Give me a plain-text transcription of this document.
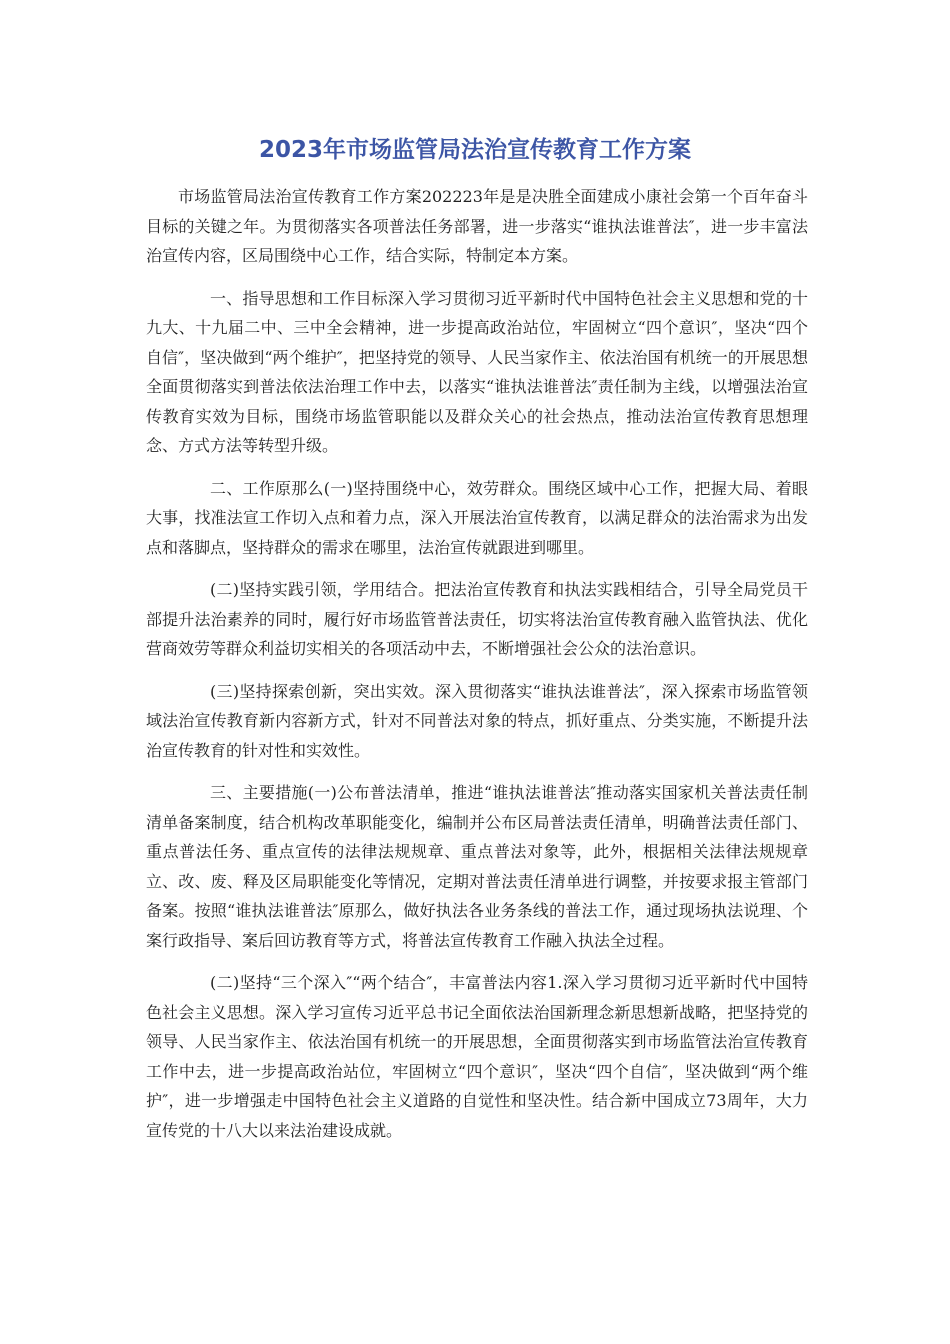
2023年市场监管局法治宣传教育工作方案

市场监管局法治宣传教育工作方案202223年是是决胜全面建成小康社会第一个百年奋斗目标的关键之年。为贯彻落实各项普法任务部署，进一步落实“谁执法谁普法″，进一步丰富法治宣传内容，区局围绕中心工作，结合实际，特制定本方案。

一、指导思想和工作目标深入学习贯彻习近平新时代中国特色社会主义思想和党的十九大、十九届二中、三中全会精神，进一步提高政治站位，牢固树立“四个意识″，坚决“四个自信″，坚决做到“两个维护″，把坚持党的领导、人民当家作主、依法治国有机统一的开展思想全面贯彻落实到普法依法治理工作中去，以落实“谁执法谁普法″责任制为主线，以增强法治宣传教育实效为目标，围绕市场监管职能以及群众关心的社会热点，推动法治宣传教育思想理念、方式方法等转型升级。

二、工作原那么(一)坚持围绕中心，效劳群众。围绕区域中心工作，把握大局、着眼大事，找准法宣工作切入点和着力点，深入开展法治宣传教育，以满足群众的法治需求为出发点和落脚点，坚持群众的需求在哪里，法治宣传就跟进到哪里。

(二)坚持实践引领，学用结合。把法治宣传教育和执法实践相结合，引导全局党员干部提升法治素养的同时，履行好市场监管普法责任，切实将法治宣传教育融入监管执法、优化营商效劳等群众利益切实相关的各项活动中去，不断增强社会公众的法治意识。

(三)坚持探索创新，突出实效。深入贯彻落实“谁执法谁普法″，深入探索市场监管领域法治宣传教育新内容新方式，针对不同普法对象的特点，抓好重点、分类实施，不断提升法治宣传教育的针对性和实效性。

三、主要措施(一)公布普法清单，推进“谁执法谁普法″推动落实国家机关普法责任制清单备案制度，结合机构改革职能变化，编制并公布区局普法责任清单，明确普法责任部门、重点普法任务、重点宣传的法律法规规章、重点普法对象等，此外，根据相关法律法规规章立、改、废、释及区局职能变化等情况，定期对普法责任清单进行调整，并按要求报主管部门备案。按照“谁执法谁普法″原那么，做好执法各业务条线的普法工作，通过现场执法说理、个案行政指导、案后回访教育等方式，将普法宣传教育工作融入执法全过程。

(二)坚持“三个深入″“两个结合″，丰富普法内容1.深入学习贯彻习近平新时代中国特色社会主义思想。深入学习宣传习近平总书记全面依法治国新理念新思想新战略，把坚持党的领导、人民当家作主、依法治国有机统一的开展思想，全面贯彻落实到市场监管法治宣传教育工作中去，进一步提高政治站位，牢固树立“四个意识″，坚决“四个自信″，坚决做到“两个维护″，进一步增强走中国特色社会主义道路的自觉性和坚决性。结合新中国成立73周年，大力宣传党的十八大以来法治建设成就。
